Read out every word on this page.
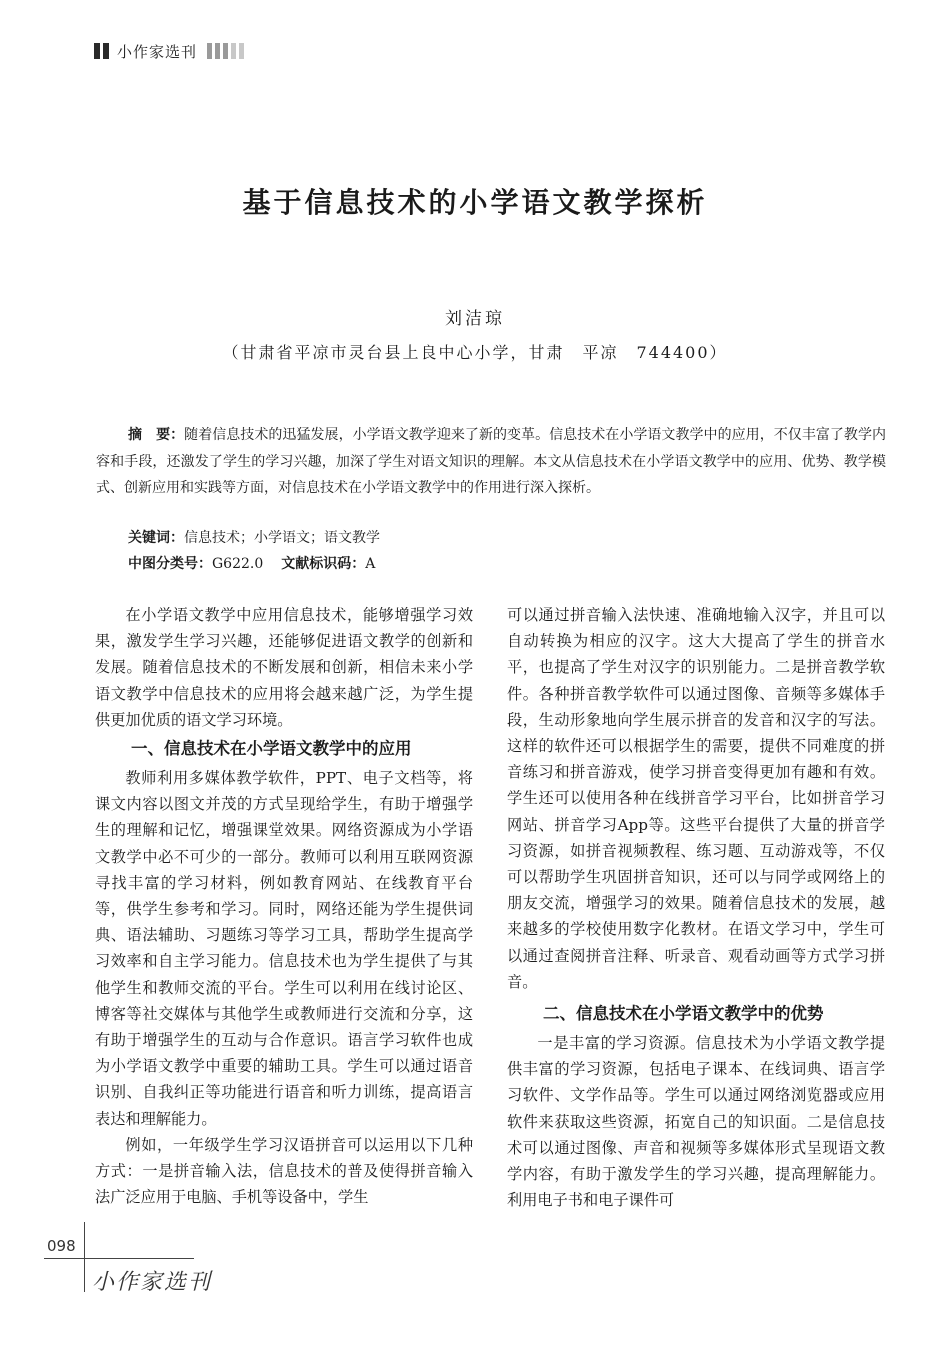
小作家选刊
基于信息技术的小学语文教学探析
刘洁琼
（甘肃省平凉市灵台县上良中心小学，甘肃　平凉　744400）

摘　要：随着信息技术的迅猛发展，小学语文教学迎来了新的变革。信息技术在小学语文教学中的应用，不仅丰富了教学内容和手段，还激发了学生的学习兴趣，加深了学生对语文知识的理解。本文从信息技术在小学语文教学中的应用、优势、教学模式、创新应用和实践等方面，对信息技术在小学语文教学中的作用进行深入探析。

关键词：信息技术；小学语文；语文教学
中图分类号：G622.0 文献标识码：A

在小学语文教学中应用信息技术，能够增强学习效果，激发学生学习兴趣，还能够促进语文教学的创新和发展。随着信息技术的不断发展和创新，相信未来小学语文教学中信息技术的应用将会越来越广泛，为学生提供更加优质的语文学习环境。

一、信息技术在小学语文教学中的应用

教师利用多媒体教学软件，PPT、电子文档等，将课文内容以图文并茂的方式呈现给学生，有助于增强学生的理解和记忆，增强课堂效果。网络资源成为小学语文教学中必不可少的一部分。教师可以利用互联网资源寻找丰富的学习材料，例如教育网站、在线教育平台等，供学生参考和学习。同时，网络还能为学生提供词典、语法辅助、习题练习等学习工具，帮助学生提高学习效率和自主学习能力。信息技术也为学生提供了与其他学生和教师交流的平台。学生可以利用在线讨论区、博客等社交媒体与其他学生或教师进行交流和分享，这有助于增强学生的互动与合作意识。语言学习软件也成为小学语文教学中重要的辅助工具。学生可以通过语音识别、自我纠正等功能进行语音和听力训练，提高语言表达和理解能力。

例如，一年级学生学习汉语拼音可以运用以下几种方式：一是拼音输入法，信息技术的普及使得拼音输入法广泛应用于电脑、手机等设备中，学生

可以通过拼音输入法快速、准确地输入汉字，并且可以自动转换为相应的汉字。这大大提高了学生的拼音水平，也提高了学生对汉字的识别能力。二是拼音教学软件。各种拼音教学软件可以通过图像、音频等多媒体手段，生动形象地向学生展示拼音的发音和汉字的写法。这样的软件还可以根据学生的需要，提供不同难度的拼音练习和拼音游戏，使学习拼音变得更加有趣和有效。学生还可以使用各种在线拼音学习平台，比如拼音学习网站、拼音学习App等。这些平台提供了大量的拼音学习资源，如拼音视频教程、练习题、互动游戏等，不仅可以帮助学生巩固拼音知识，还可以与同学或网络上的朋友交流，增强学习的效果。随着信息技术的发展，越来越多的学校使用数字化教材。在语文学习中，学生可以通过查阅拼音注释、听录音、观看动画等方式学习拼音。

二、信息技术在小学语文教学中的优势

一是丰富的学习资源。信息技术为小学语文教学提供丰富的学习资源，包括电子课本、在线词典、语言学习软件、文学作品等。学生可以通过网络浏览器或应用软件来获取这些资源，拓宽自己的知识面。二是信息技术可以通过图像、声音和视频等多媒体形式呈现语文教学内容，有助于激发学生的学习兴趣，提高理解能力。利用电子书和电子课件可

098
小作家选刊
